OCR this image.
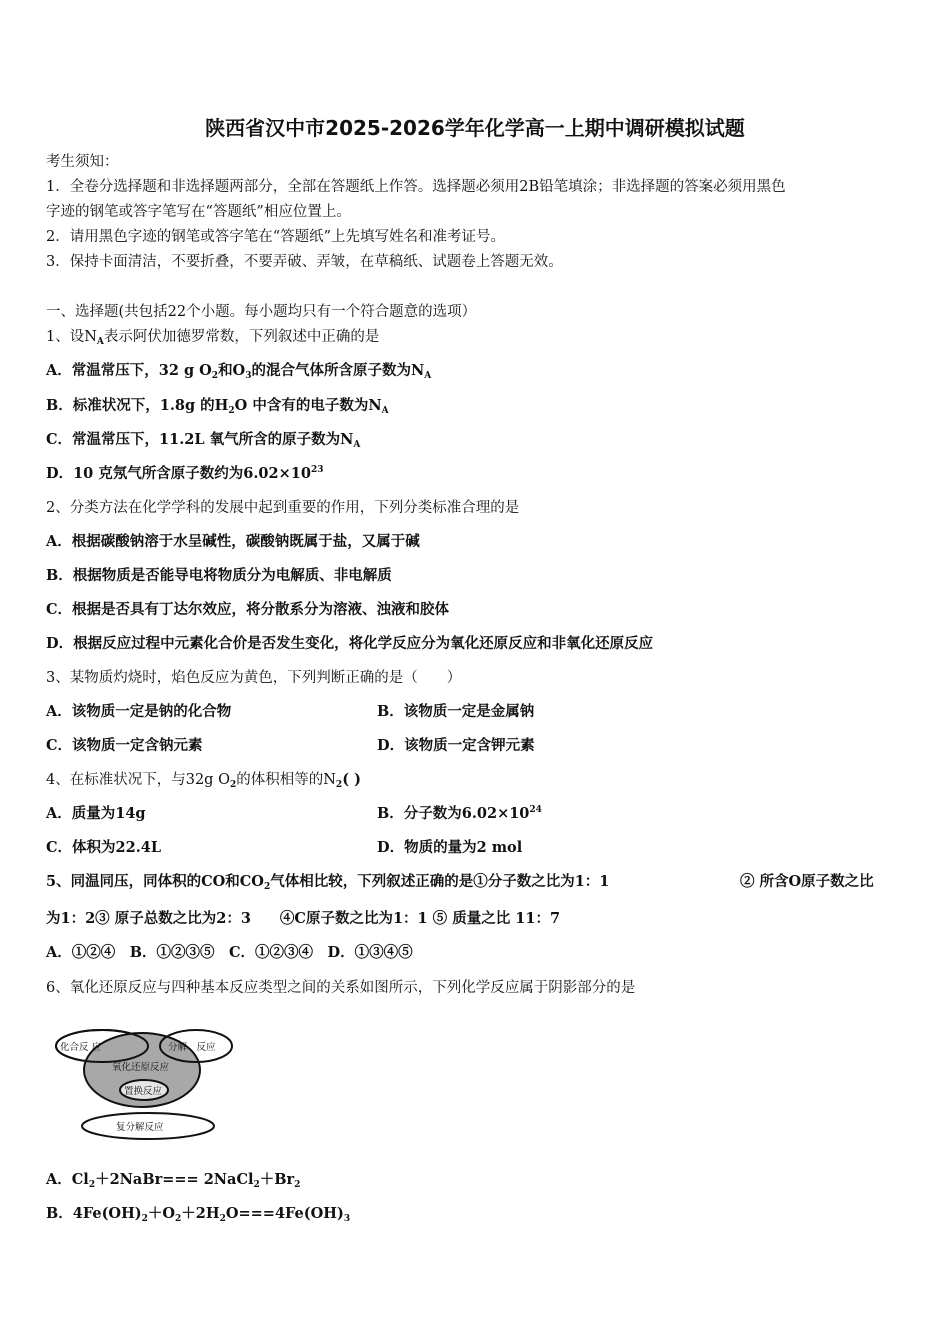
陕西省汉中市2025-2026学年化学高一上期中调研模拟试题
考生须知：
1．全卷分选择题和非选择题两部分，全部在答题纸上作答。选择题必须用2B铅笔填涂；非选择题的答案必须用黑色
字迹的钢笔或答字笔写在“答题纸”相应位置上。
2．请用黑色字迹的钢笔或答字笔在“答题纸”上先填写姓名和准考证号。
3．保持卡面清洁，不要折叠，不要弄破、弄皱，在草稿纸、试题卷上答题无效。
一、选择题(共包括22个小题。每小题均只有一个符合题意的选项）
1、设$N_A$表示阿伏加德罗常数，下列叙述中正确的是
A．常温常压下，32 g $O_2$和$O_3$的混合气体所含原子数为$N_A$
B．标准状况下，1.8g 的$H_2O$ 中含有的电子数为$N_A$
C．常温常压下，11.2L 氧气所含的原子数为$N_A$
D．10 克氖气所含原子数约为$6.02\times 10^{23}$
2、分类方法在化学学科的发展中起到重要的作用，下列分类标准合理的是
A．根据碳酸钠溶于水呈碱性，碳酸钠既属于盐，又属于碱
B．根据物质是否能导电将物质分为电解质、非电解质
C．根据是否具有丁达尔效应，将分散系分为溶液、浊液和胶体
D．根据反应过程中元素化合价是否发生变化，将化学反应分为氧化还原反应和非氧化还原反应
3、某物质灼烧时，焰色反应为黄色，下列判断正确的是（　　）
A．该物质一定是钠的化合物	B．该物质一定是金属钠
C．该物质一定含钠元素	D．该物质一定含钾元素
4、在标准状况下，与32g $O_2$的体积相等的$N_2$( )
A．质量为14g	B．分子数为$6.02\times 10^{24}$
C．体积为22.4L	D．物质的量为2 mol
5、同温同压，同体积的CO和$CO_2$气体相比较，下列叙述正确的是①分子数之比为1：1	② 所含O原子数之比
为1：2③ 原子总数之比为2：3　　④C原子数之比为1：1 ⑤ 质量之比 11：7
A．①②④　B．①②③⑤　C．①②③④　D．①③④⑤
6、氧化还原反应与四种基本反应类型之间的关系如图所示，下列化学反应属于阴影部分的是
化合反 应	分解　反应
氧化还原反应
置换反应
复分解反应
A．$Cl_2+2NaBr===$ $2NaCl_2+Br_2$
B．$4Fe(OH)_2+O_2+2H_2O===4Fe(OH)_3$
